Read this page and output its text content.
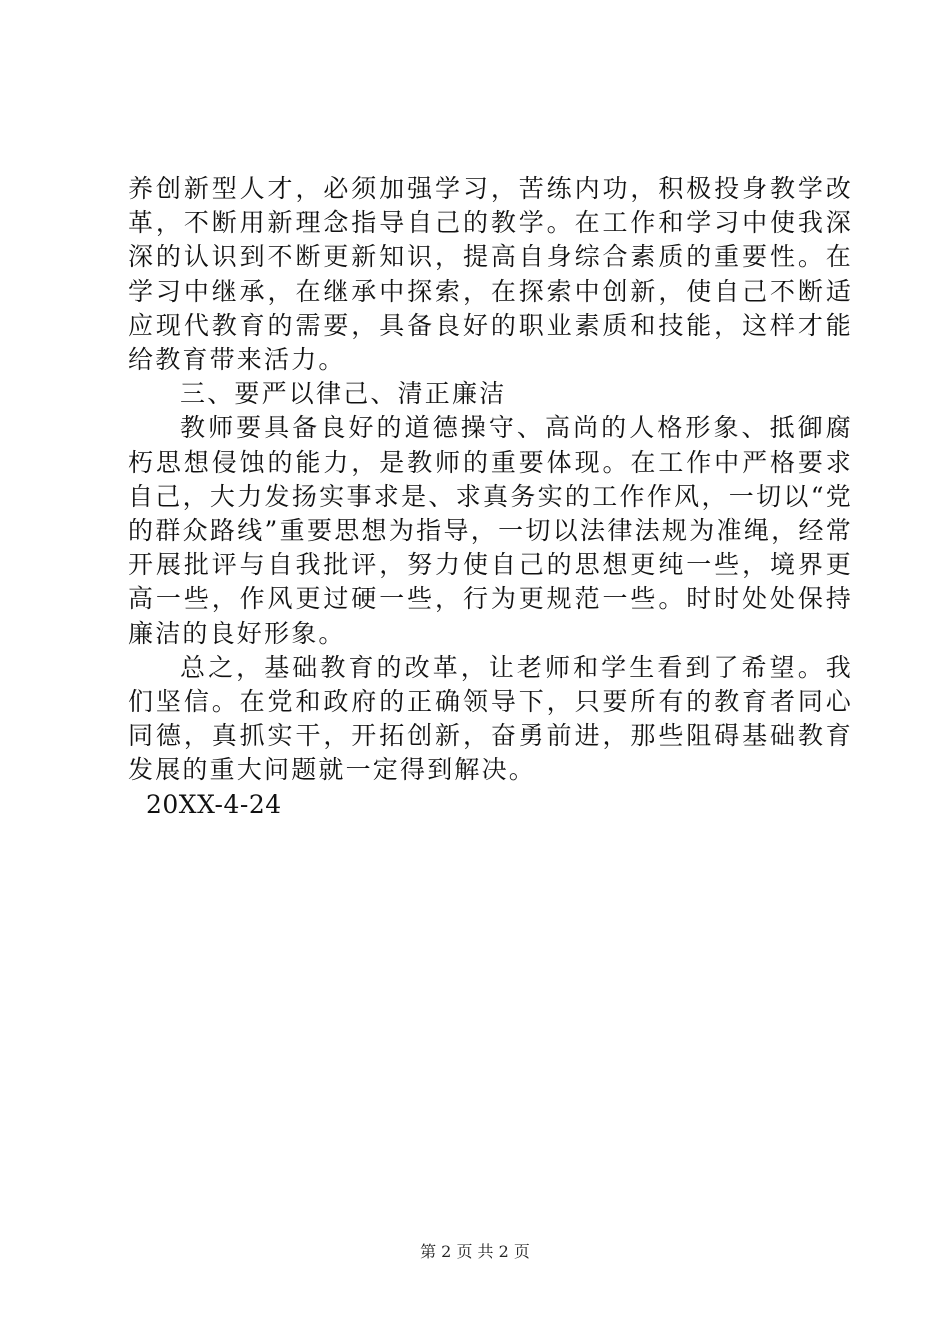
养创新型人才，必须加强学习，苦练内功，积极投身教学改革，不断用新理念指导自己的教学。在工作和学习中使我深深的认识到不断更新知识，提高自身综合素质的重要性。在学习中继承，在继承中探索，在探索中创新，使自己不断适应现代教育的需要，具备良好的职业素质和技能，这样才能给教育带来活力。

三、要严以律己、清正廉洁

教师要具备良好的道德操守、高尚的人格形象、抵御腐朽思想侵蚀的能力，是教师的重要体现。在工作中严格要求自己，大力发扬实事求是、求真务实的工作作风，一切以“党的群众路线”重要思想为指导，一切以法律法规为准绳，经常开展批评与自我批评，努力使自己的思想更纯一些，境界更高一些，作风更过硬一些，行为更规范一些。时时处处保持廉洁的良好形象。

总之，基础教育的改革，让老师和学生看到了希望。我们坚信。在党和政府的正确领导下，只要所有的教育者同心同德，真抓实干，开拓创新，奋勇前进，那些阻碍基础教育发展的重大问题就一定得到解决。

20XX-4-24

第 2 页 共 2 页
